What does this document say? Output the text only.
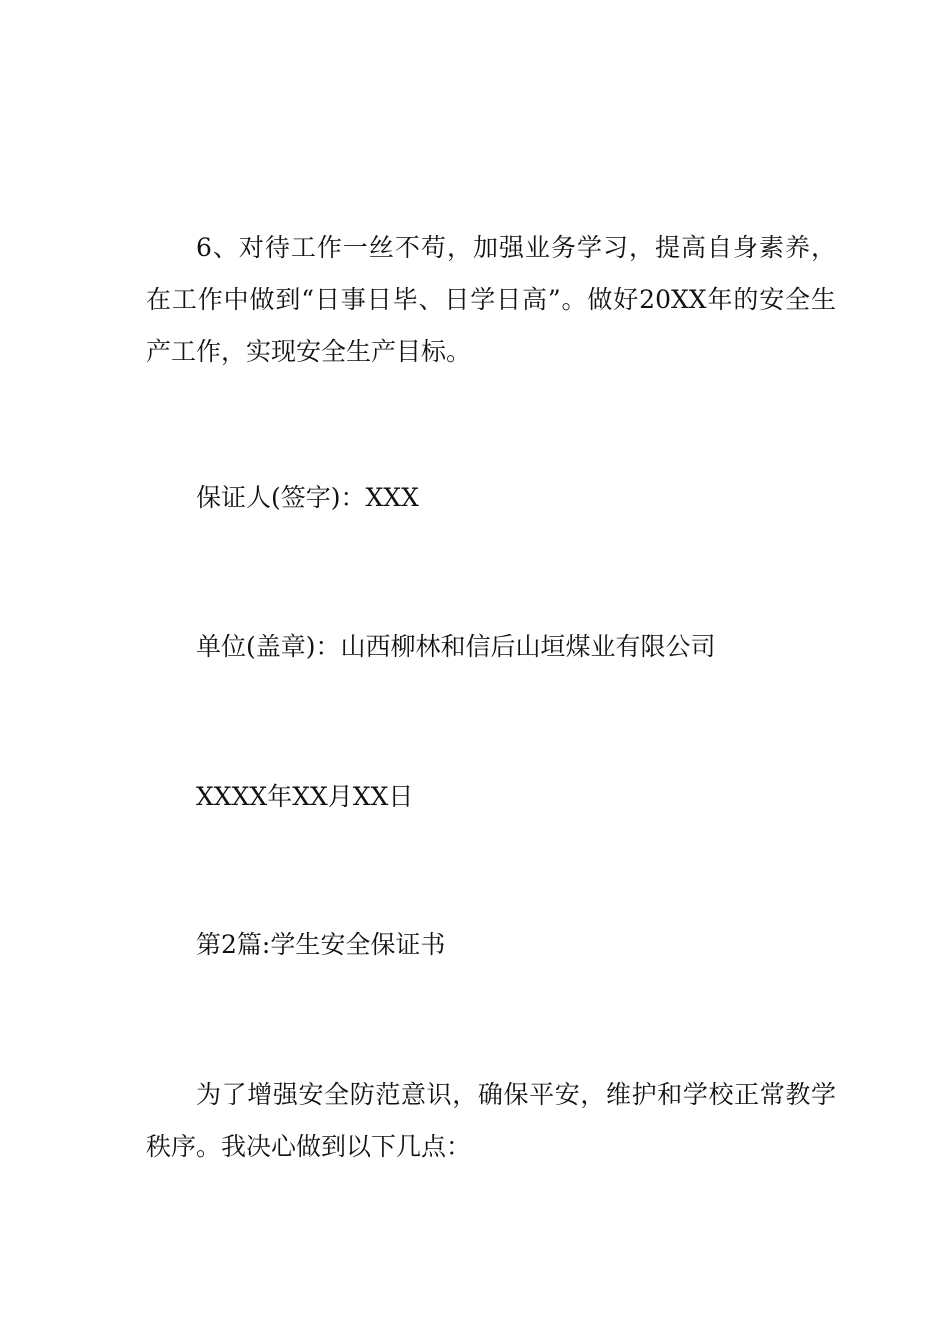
6、对待工作一丝不苟，加强业务学习，提高自身素养，在工作中做到“日事日毕、日学日高”。做好20XX年的安全生产工作，实现安全生产目标。

保证人(签字)：XXX

单位(盖章)：山西柳林和信后山垣煤业有限公司

XXXX年XX月XX日

第2篇:学生安全保证书

为了增强安全防范意识，确保平安，维护和学校正常教学秩序。我决心做到以下几点：
